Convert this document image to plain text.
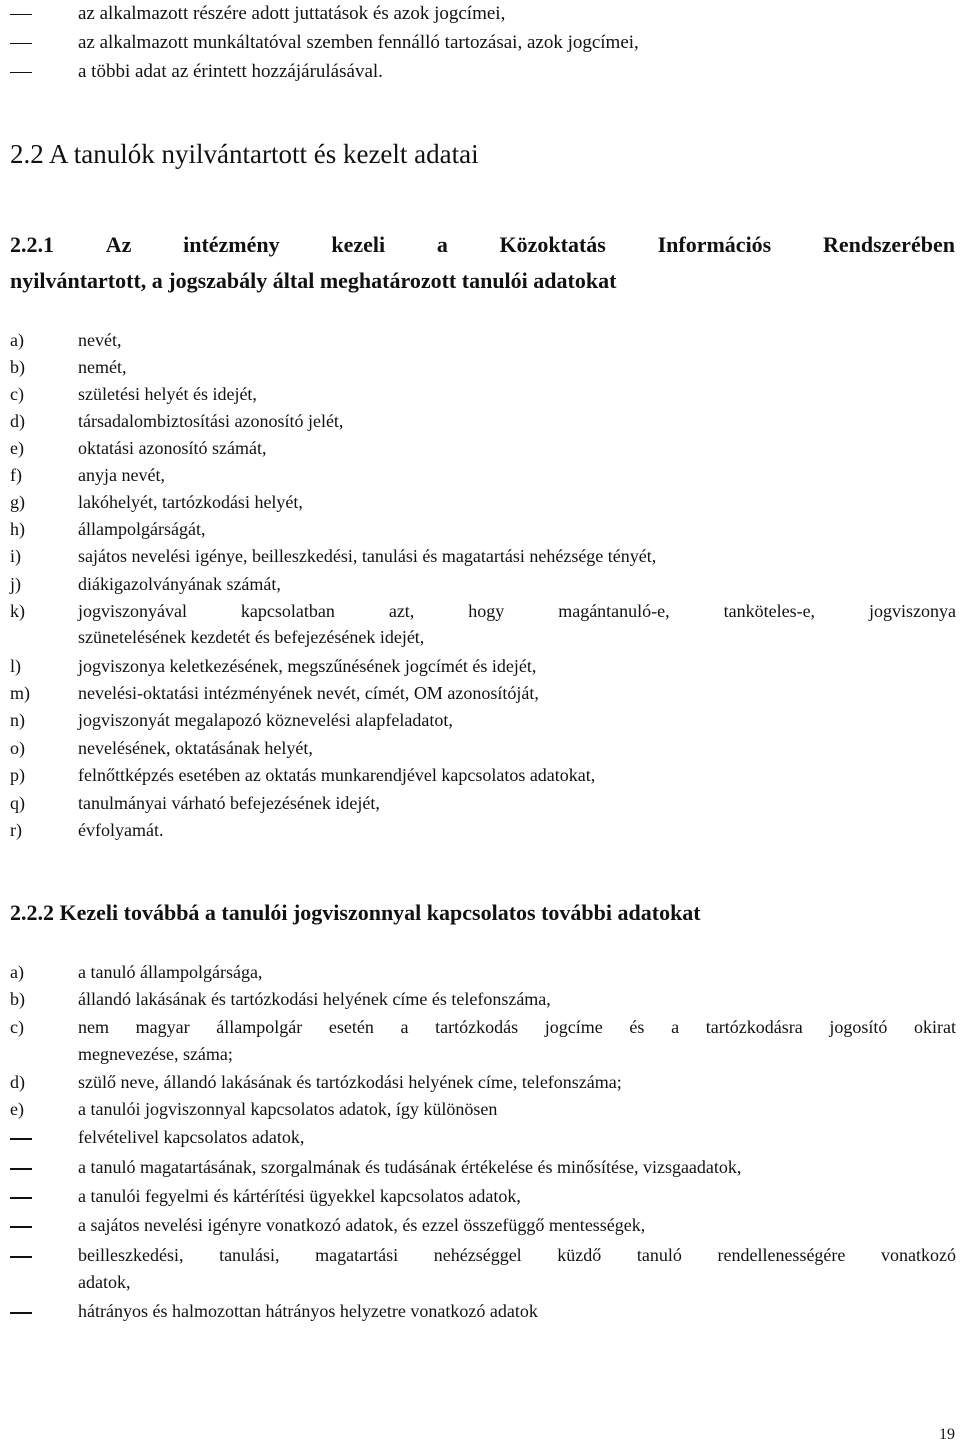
az alkalmazott részére adott juttatások és azok jogcímei,
az alkalmazott munkáltatóval szemben fennálló tartozásai, azok jogcímei,
a többi adat az érintett hozzájárulásával.
2.2 A tanulók nyilvántartott és kezelt adatai
2.2.1 Az intézmény kezeli a Közoktatás Információs Rendszerében
nyilvántartott, a jogszabály által meghatározott tanulói adatokat
a)	nevét,
b)	nemét,
c)	születési helyét és idejét,
d)	társadalombiztosítási azonosító jelét,
e)	oktatási azonosító számát,
f)	anyja nevét,
g)	lakóhelyét, tartózkodási helyét,
h)	állampolgárságát,
i)	sajátos nevelési igénye, beilleszkedési, tanulási és magatartási nehézsége tényét,
j)	diákigazolványának számát,
k)	jogviszonyával kapcsolatban azt, hogy magántanuló-e, tanköteles-e, jogviszonya
szünetelésének kezdetét és befejezésének idejét,
l)	jogviszonya keletkezésének, megszűnésének jogcímét és idejét,
m)	nevelési-oktatási intézményének nevét, címét, OM azonosítóját,
n)	jogviszonyát megalapozó köznevelési alapfeladatot,
o)	nevelésének, oktatásának helyét,
p)	felnőttképzés esetében az oktatás munkarendjével kapcsolatos adatokat,
q)	tanulmányai várható befejezésének idejét,
r)	évfolyamát.
2.2.2 Kezeli továbbá a tanulói jogviszonnyal kapcsolatos további adatokat
a)	a tanuló állampolgársága,
b)	állandó lakásának és tartózkodási helyének címe és telefonszáma,
c)	nem magyar állampolgár esetén a tartózkodás jogcíme és a tartózkodásra jogosító okirat
megnevezése, száma;
d)	szülő neve, állandó lakásának és tartózkodási helyének címe, telefonszáma;
e)	a tanulói jogviszonnyal kapcsolatos adatok, így különösen
felvételivel kapcsolatos adatok,
a tanuló magatartásának, szorgalmának és tudásának értékelése és minősítése, vizsgaadatok,
a tanulói fegyelmi és kártérítési ügyekkel kapcsolatos adatok,
a sajátos nevelési igényre vonatkozó adatok, és ezzel összefüggő mentességek,
beilleszkedési, tanulási, magatartási nehézséggel küzdő tanuló rendellenességére vonatkozó
adatok,
hátrányos és halmozottan hátrányos helyzetre vonatkozó adatok
19
